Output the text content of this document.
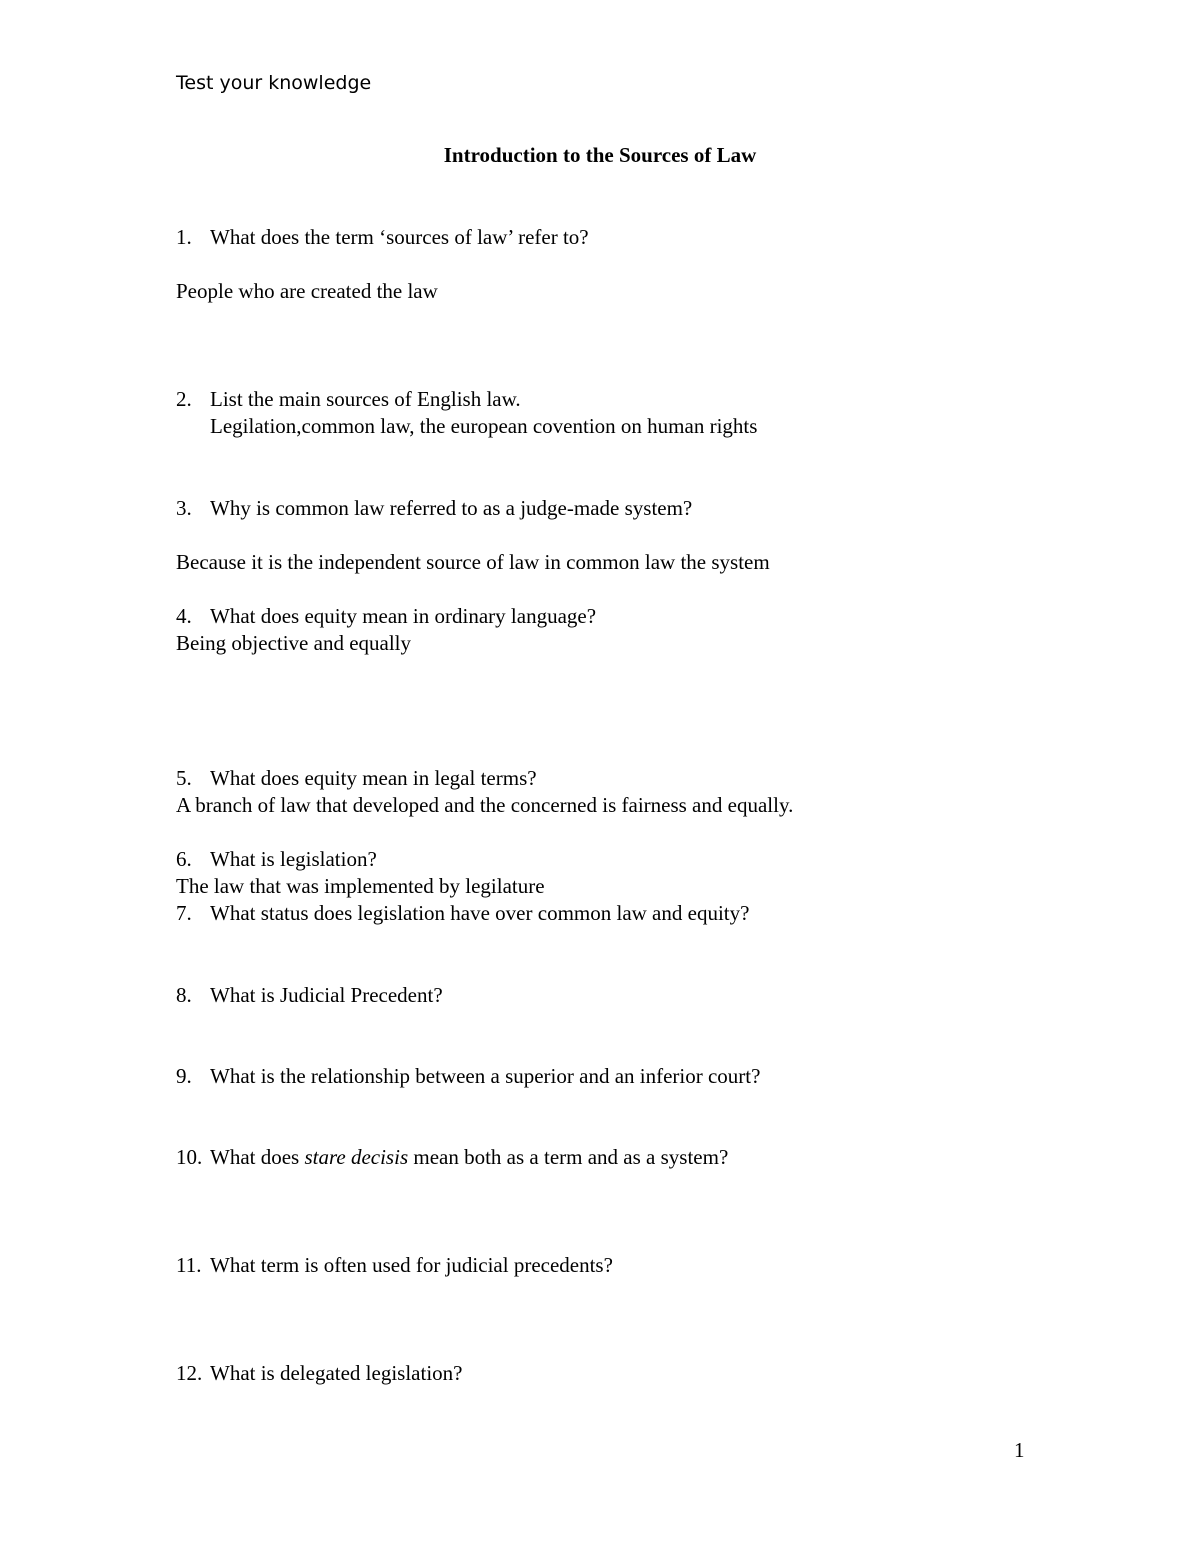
Test your knowledge
Introduction to the Sources of Law
1. What does the term ‘sources of law’ refer to?
People who are created the law
2. List the main sources of English law.
Legilation,common law, the european covention on human rights
3. Why is common law referred to as a judge-made system?
Because it is the independent source of law in common law the system
4. What does equity mean in ordinary language?
Being objective and equally
5. What does equity mean in legal terms?
A branch of law that developed and the concerned is fairness and equally.
6. What is legislation?
The law that was implemented by legilature
7. What status does legislation have over common law and equity?
8. What is Judicial Precedent?
9. What is the relationship between a superior and an inferior court?
10. What does stare decisis mean both as a term and as a system?
11. What term is often used for judicial precedents?
12. What is delegated legislation?
1
